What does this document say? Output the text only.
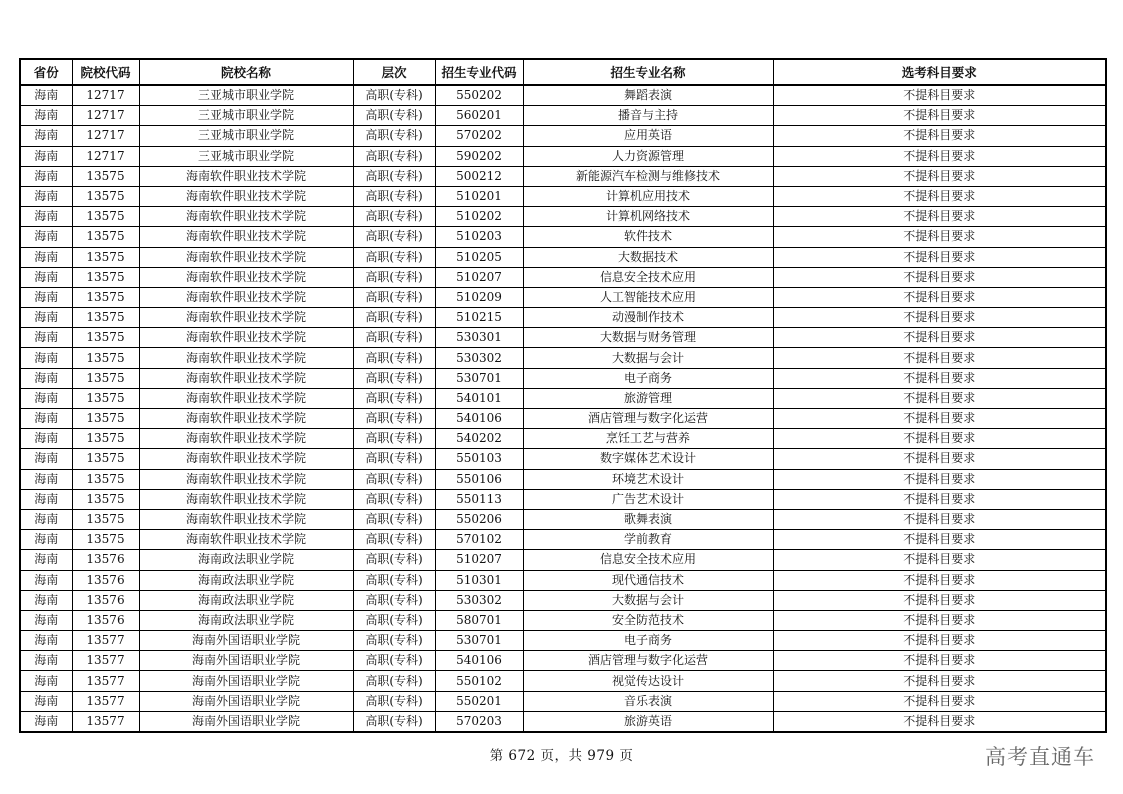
省份	院校代码	院校名称	层次	招生专业代码	招生专业名称	选考科目要求
海南	12717	三亚城市职业学院	高职(专科)	550202	舞蹈表演	不提科目要求
海南	12717	三亚城市职业学院	高职(专科)	560201	播音与主持	不提科目要求
海南	12717	三亚城市职业学院	高职(专科)	570202	应用英语	不提科目要求
海南	12717	三亚城市职业学院	高职(专科)	590202	人力资源管理	不提科目要求
海南	13575	海南软件职业技术学院	高职(专科)	500212	新能源汽车检测与维修技术	不提科目要求
海南	13575	海南软件职业技术学院	高职(专科)	510201	计算机应用技术	不提科目要求
海南	13575	海南软件职业技术学院	高职(专科)	510202	计算机网络技术	不提科目要求
海南	13575	海南软件职业技术学院	高职(专科)	510203	软件技术	不提科目要求
海南	13575	海南软件职业技术学院	高职(专科)	510205	大数据技术	不提科目要求
海南	13575	海南软件职业技术学院	高职(专科)	510207	信息安全技术应用	不提科目要求
海南	13575	海南软件职业技术学院	高职(专科)	510209	人工智能技术应用	不提科目要求
海南	13575	海南软件职业技术学院	高职(专科)	510215	动漫制作技术	不提科目要求
海南	13575	海南软件职业技术学院	高职(专科)	530301	大数据与财务管理	不提科目要求
海南	13575	海南软件职业技术学院	高职(专科)	530302	大数据与会计	不提科目要求
海南	13575	海南软件职业技术学院	高职(专科)	530701	电子商务	不提科目要求
海南	13575	海南软件职业技术学院	高职(专科)	540101	旅游管理	不提科目要求
海南	13575	海南软件职业技术学院	高职(专科)	540106	酒店管理与数字化运营	不提科目要求
海南	13575	海南软件职业技术学院	高职(专科)	540202	烹饪工艺与营养	不提科目要求
海南	13575	海南软件职业技术学院	高职(专科)	550103	数字媒体艺术设计	不提科目要求
海南	13575	海南软件职业技术学院	高职(专科)	550106	环境艺术设计	不提科目要求
海南	13575	海南软件职业技术学院	高职(专科)	550113	广告艺术设计	不提科目要求
海南	13575	海南软件职业技术学院	高职(专科)	550206	歌舞表演	不提科目要求
海南	13575	海南软件职业技术学院	高职(专科)	570102	学前教育	不提科目要求
海南	13576	海南政法职业学院	高职(专科)	510207	信息安全技术应用	不提科目要求
海南	13576	海南政法职业学院	高职(专科)	510301	现代通信技术	不提科目要求
海南	13576	海南政法职业学院	高职(专科)	530302	大数据与会计	不提科目要求
海南	13576	海南政法职业学院	高职(专科)	580701	安全防范技术	不提科目要求
海南	13577	海南外国语职业学院	高职(专科)	530701	电子商务	不提科目要求
海南	13577	海南外国语职业学院	高职(专科)	540106	酒店管理与数字化运营	不提科目要求
海南	13577	海南外国语职业学院	高职(专科)	550102	视觉传达设计	不提科目要求
海南	13577	海南外国语职业学院	高职(专科)	550201	音乐表演	不提科目要求
海南	13577	海南外国语职业学院	高职(专科)	570203	旅游英语	不提科目要求
第 672 页，共 979 页	高考直通车
